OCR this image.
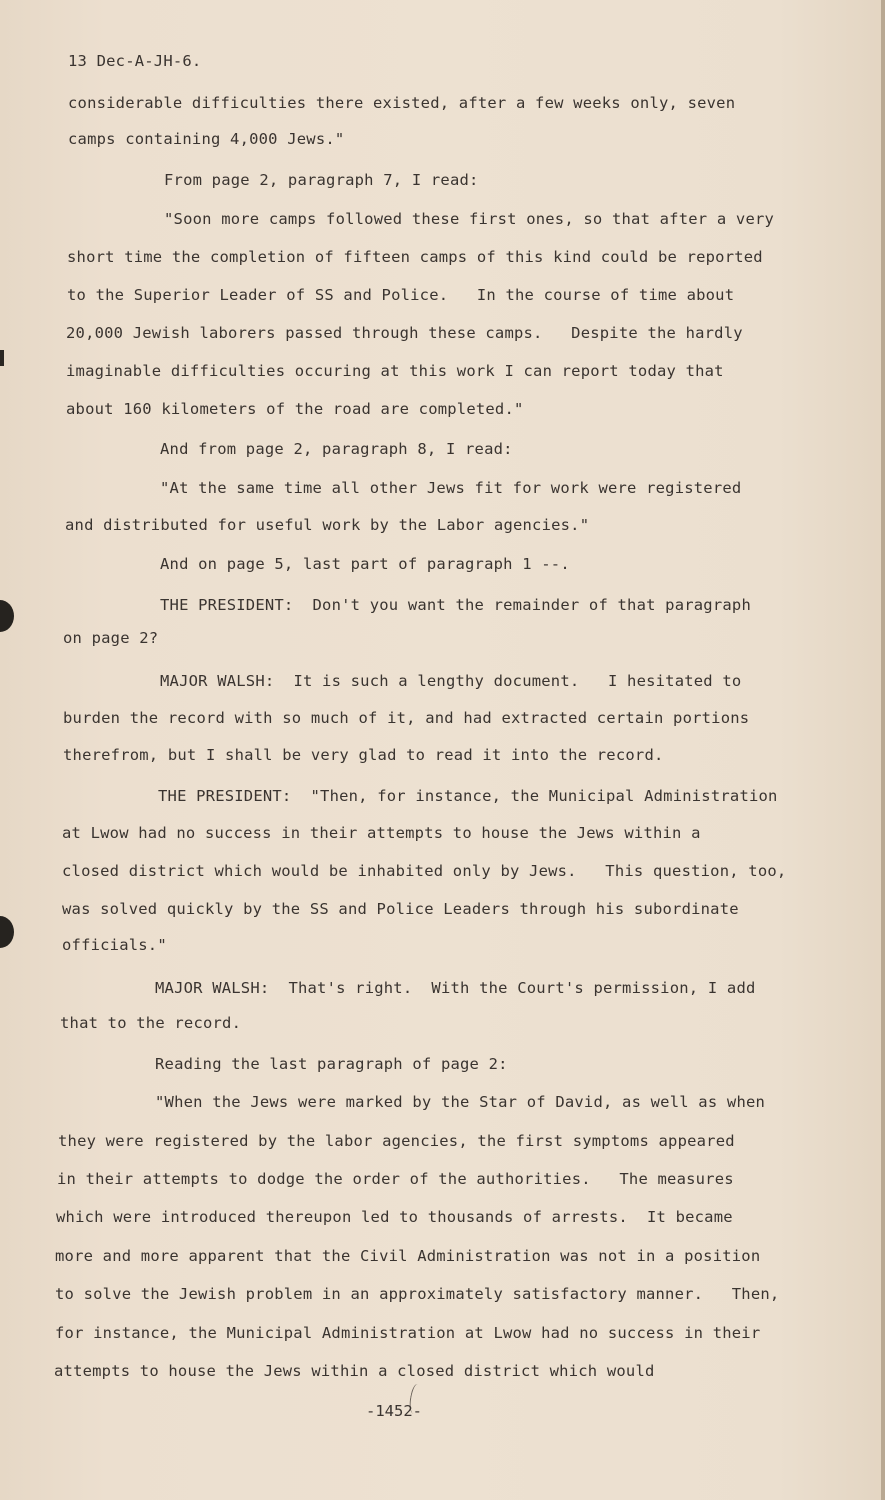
13 Dec-A-JH-6.
considerable difficulties there existed, after a few weeks only, seven
camps containing 4,000 Jews."
From page 2, paragraph 7, I read:
"Soon more camps followed these first ones, so that after a very
short time the completion of fifteen camps of this kind could be reported
to the Superior Leader of SS and Police.   In the course of time about
20,000 Jewish laborers passed through these camps.   Despite the hardly
imaginable difficulties occuring at this work I can report today that
about 160 kilometers of the road are completed."
And from page 2, paragraph 8, I read:
"At the same time all other Jews fit for work were registered
and distributed for useful work by the Labor agencies."
And on page 5, last part of paragraph 1 --.
THE PRESIDENT:  Don't you want the remainder of that paragraph
on page 2?
MAJOR WALSH:  It is such a lengthy document.   I hesitated to
burden the record with so much of it, and had extracted certain portions
therefrom, but I shall be very glad to read it into the record.
THE PRESIDENT:  "Then, for instance, the Municipal Administration
at Lwow had no success in their attempts to house the Jews within a
closed district which would be inhabited only by Jews.   This question, too,
was solved quickly by the SS and Police Leaders through his subordinate
officials."
MAJOR WALSH:  That's right.  With the Court's permission, I add
that to the record.
Reading the last paragraph of page 2:
"When the Jews were marked by the Star of David, as well as when
they were registered by the labor agencies, the first symptoms appeared
in their attempts to dodge the order of the authorities.   The measures
which were introduced thereupon led to thousands of arrests.  It became
more and more apparent that the Civil Administration was not in a position
to solve the Jewish problem in an approximately satisfactory manner.   Then,
for instance, the Municipal Administration at Lwow had no success in their
attempts to house the Jews within a closed district which would
-1452-
